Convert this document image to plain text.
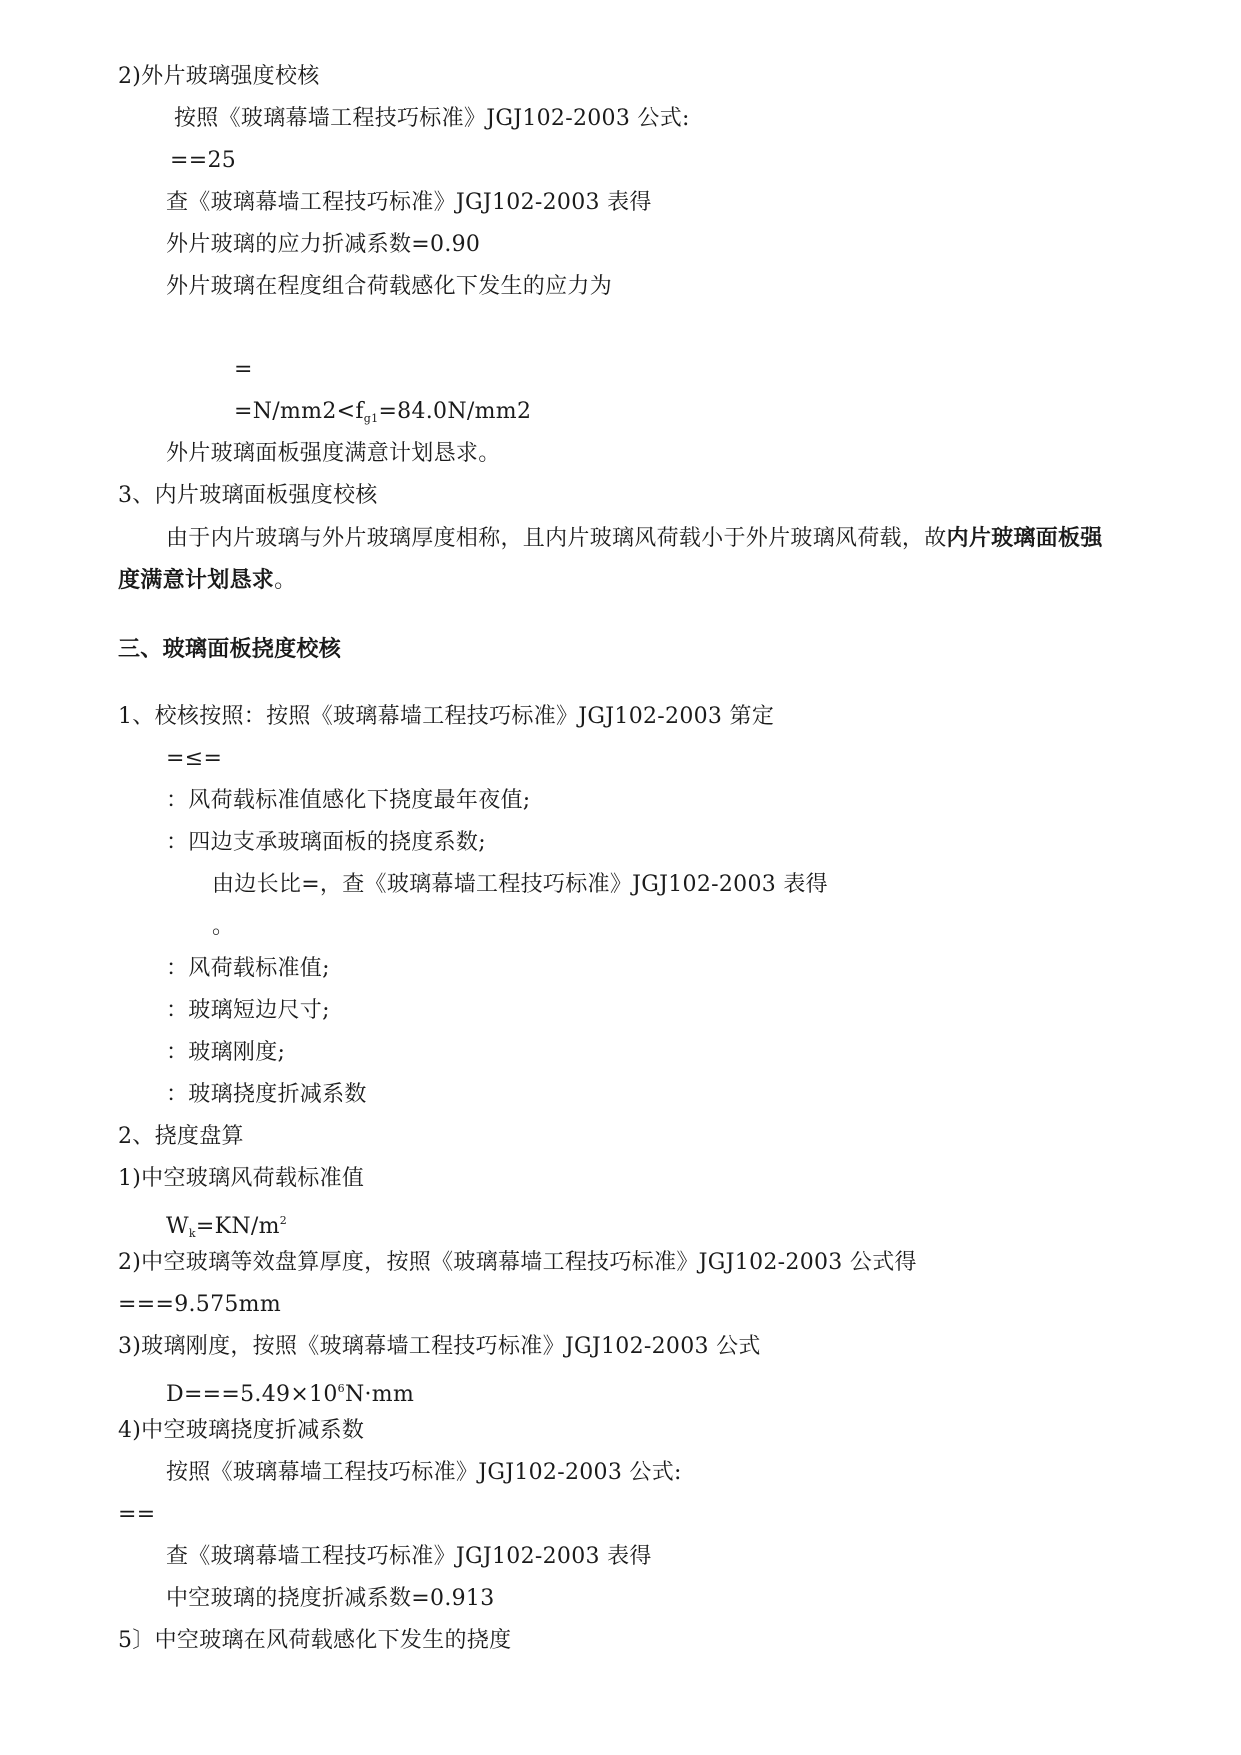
2)外片玻璃强度校核
按照《玻璃幕墙工程技巧标准》JGJ102-2003 公式:
==25
查《玻璃幕墙工程技巧标准》JGJ102-2003 表得
外片玻璃的应力折减系数=0.90
外片玻璃在程度组合荷载感化下发生的应力为
=
$=N/mm2<f_{g1}=84.0N/mm2$
外片玻璃面板强度满意计划恳求。
3、内片玻璃面板强度校核
由于内片玻璃与外片玻璃厚度相称，且内片玻璃风荷载小于外片玻璃风荷载，故内片玻璃面板强
度满意计划恳求。
三、玻璃面板挠度校核
1、校核按照：按照《玻璃幕墙工程技巧标准》JGJ102-2003 第定
=≤=
：风荷载标准值感化下挠度最年夜值;
：四边支承玻璃面板的挠度系数;
由边长比=，查《玻璃幕墙工程技巧标准》JGJ102-2003 表得
。
：风荷载标准值;
：玻璃短边尺寸;
：玻璃刚度;
：玻璃挠度折减系数
2、挠度盘算
1)中空玻璃风荷载标准值
$W_k=KN/m^2$
2)中空玻璃等效盘算厚度，按照《玻璃幕墙工程技巧标准》JGJ102-2003 公式得
===9.575mm
3)玻璃刚度，按照《玻璃幕墙工程技巧标准》JGJ102-2003 公式
$D===5.49\times 10^6N\cdot mm$
4)中空玻璃挠度折减系数
按照《玻璃幕墙工程技巧标准》JGJ102-2003 公式:
==
查《玻璃幕墙工程技巧标准》JGJ102-2003 表得
中空玻璃的挠度折减系数=0.913
5〕中空玻璃在风荷载感化下发生的挠度
